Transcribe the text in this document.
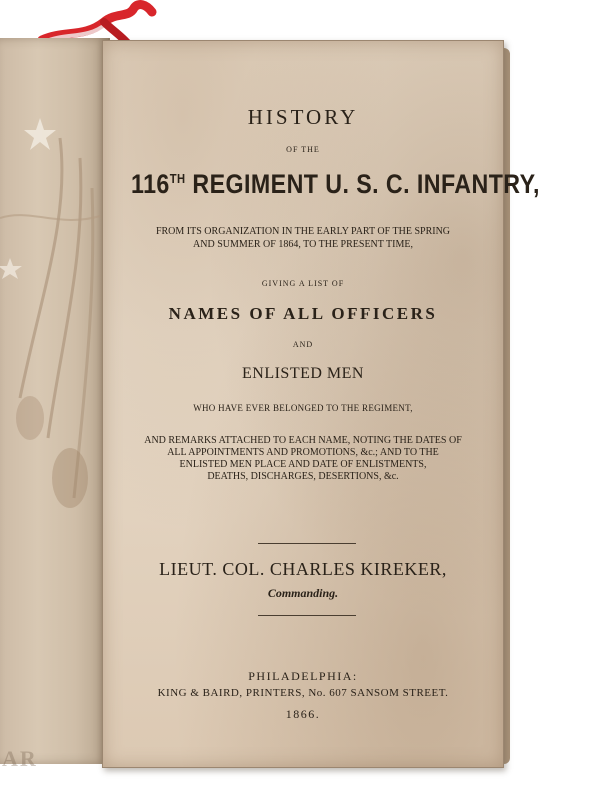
AR
HISTORY
OF THE
116TH REGIMENT U. S. C. INFANTRY,
FROM ITS ORGANIZATION IN THE EARLY PART OF THE SPRING
AND SUMMER OF 1864, TO THE PRESENT TIME,
GIVING A LIST OF
NAMES OF ALL OFFICERS
AND
ENLISTED MEN
WHO HAVE EVER BELONGED TO THE REGIMENT,
AND REMARKS ATTACHED TO EACH NAME, NOTING THE DATES OF
ALL APPOINTMENTS AND PROMOTIONS, &c.; AND TO THE
ENLISTED MEN PLACE AND DATE OF ENLISTMENTS,
DEATHS, DISCHARGES, DESERTIONS, &c.
LIEUT. COL. CHARLES KIREKER,
Commanding.
PHILADELPHIA:
KING & BAIRD, PRINTERS, No. 607 SANSOM STREET.
1866.
